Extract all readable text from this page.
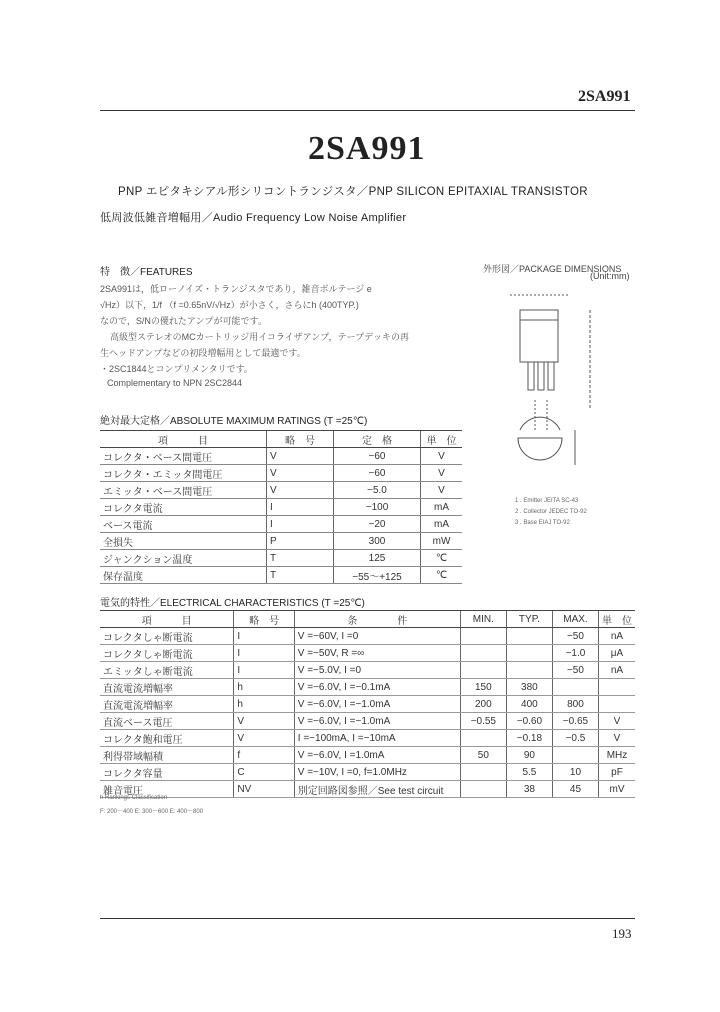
2SA991
2SA991
PNP エピタキシアル形シリコントランジスタ／PNP SILICON EPITAXIAL TRANSISTOR
低周波低雑音増幅用／Audio Frequency Low Noise Amplifier
特　徴／FEATURES
2SA991は，低ローノイズ・トランジスタであり，雑音ボルテージ e
√Hz）以下，1/f （f =0.65nV/√Hz）が小さく，さらにh (400TYP.)
なので，S/Nの優れたアンプが可能です。
高級型ステレオのMCカートリッジ用イコライザアンプ，テープデッキの再
生ヘッドアンプなどの初段増幅用として最適です。
・2SC1844とコンプリメンタリです。
Complementary to NPN 2SC2844
外形図／PACKAGE DIMENSIONS
(Unit:mm)
1 . Emitter JEITA SC-43
2 . Collector JEDEC TO-92
3 . Base EIAJ TO-92
絶対最大定格／ABSOLUTE MAXIMUM RATINGS (T =25℃)
項　　　目	略　号	定　格	単　位
コレクタ・ベース間電圧	V	−60	V
コレクタ・エミッタ間電圧	V	−60	V
エミッタ・ベース間電圧	V	−5.0	V
コレクタ電流	I	−100	mA
ベース電流	I	−20	mA
全損失	P	300	mW
ジャンクション温度	T	125	℃
保存温度	T	−55〜+125	℃
電気的特性／ELECTRICAL CHARACTERISTICS (T =25℃)
項　　　目	略　号	条　　　　件	MIN.	TYP.	MAX.	単　位
コレクタしゃ断電流	I	V =−60V, I =0			−50	nA
コレクタしゃ断電流	I	V =−50V, R =∞			−1.0	μA
エミッタしゃ断電流	I	V =−5.0V, I =0			−50	nA
直流電流増幅率	h	V =−6.0V, I =−0.1mA	150	380		
直流電流増幅率	h	V =−6.0V, I =−1.0mA	200	400	800	
直流ベース電圧	V	V =−6.0V, I =−1.0mA	−0.55	−0.60	−0.65	V
コレクタ飽和電圧	V	I =−100mA, I =−10mA		−0.18	−0.5	V
利得帯域幅積	f	V =−6.0V, I =1.0mA	50	90		MHz
コレクタ容量	C	V =−10V, I =0, f=1.0MHz		5.5	10	pF
雑音電圧	NV	別定回路図参照／See test circuit		38	45	mV
h Rankings Classification
F: 200〜400 E: 300〜600 E: 400〜800
193
